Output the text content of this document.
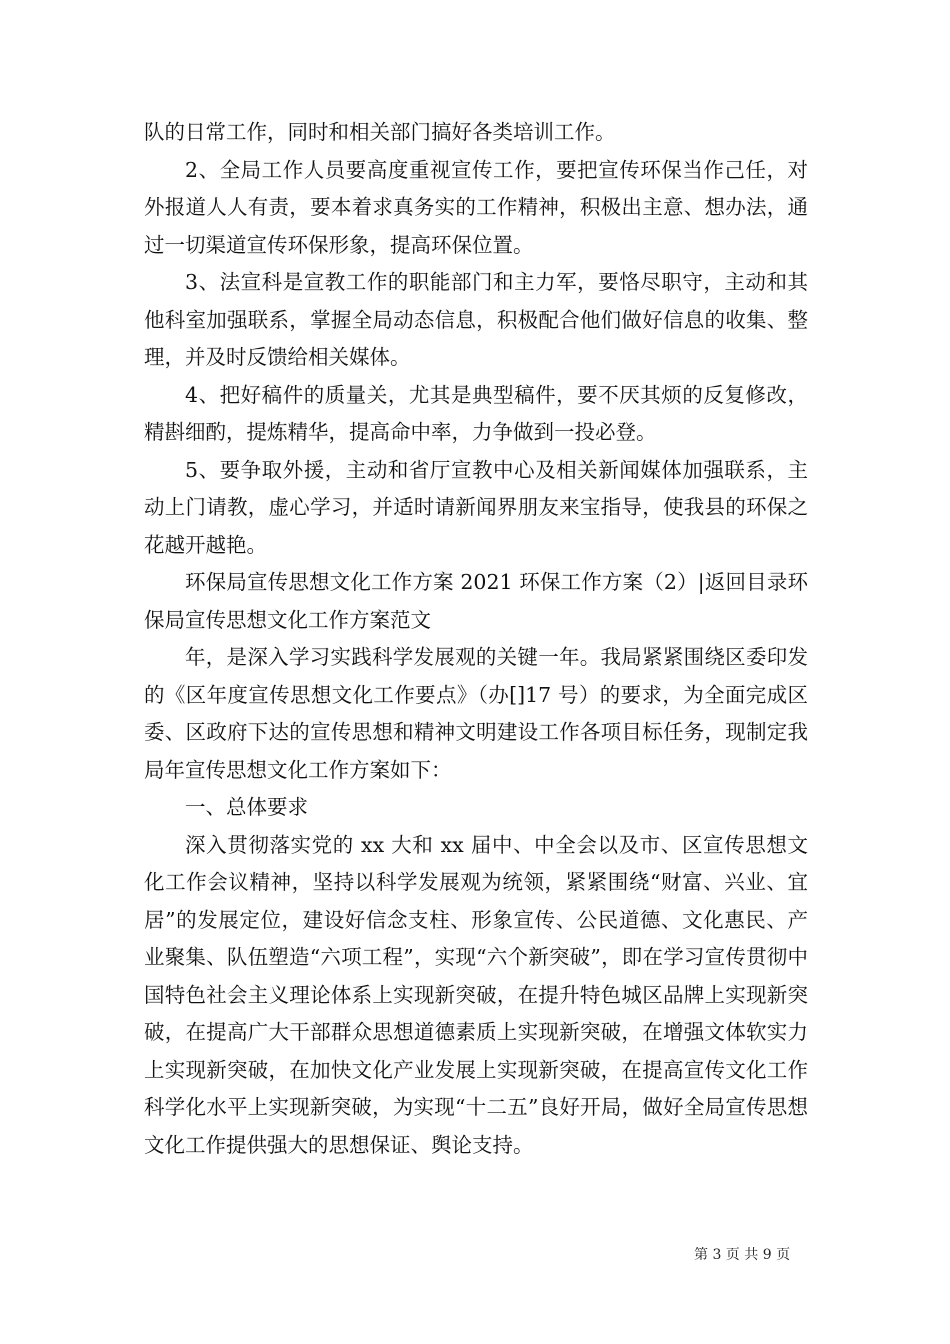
队的日常工作，同时和相关部门搞好各类培训工作。

2、全局工作人员要高度重视宣传工作，要把宣传环保当作己任，对外报道人人有责，要本着求真务实的工作精神，积极出主意、想办法，通过一切渠道宣传环保形象，提高环保位置。

3、法宣科是宣教工作的职能部门和主力军，要恪尽职守，主动和其他科室加强联系，掌握全局动态信息，积极配合他们做好信息的收集、整理，并及时反馈给相关媒体。

4、把好稿件的质量关，尤其是典型稿件，要不厌其烦的反复修改，精斟细酌，提炼精华，提高命中率，力争做到一投必登。

5、要争取外援，主动和省厅宣教中心及相关新闻媒体加强联系，主动上门请教，虚心学习，并适时请新闻界朋友来宝指导，使我县的环保之花越开越艳。

环保局宣传思想文化工作方案 2021 环保工作方案（2）|返回目录环保局宣传思想文化工作方案范文

年，是深入学习实践科学发展观的关键一年。我局紧紧围绕区委印发的《区年度宣传思想文化工作要点》（办[]17 号）的要求，为全面完成区委、区政府下达的宣传思想和精神文明建设工作各项目标任务，现制定我局年宣传思想文化工作方案如下：

一、总体要求

深入贯彻落实党的 xx 大和 xx 届中、中全会以及市、区宣传思想文化工作会议精神，坚持以科学发展观为统领，紧紧围绕“财富、兴业、宜居”的发展定位，建设好信念支柱、形象宣传、公民道德、文化惠民、产业聚集、队伍塑造“六项工程”，实现“六个新突破”，即在学习宣传贯彻中国特色社会主义理论体系上实现新突破，在提升特色城区品牌上实现新突破，在提高广大干部群众思想道德素质上实现新突破，在增强文体软实力上实现新突破，在加快文化产业发展上实现新突破，在提高宣传文化工作科学化水平上实现新突破，为实现“十二五”良好开局，做好全局宣传思想文化工作提供强大的思想保证、舆论支持。

第 3 页 共 9 页
